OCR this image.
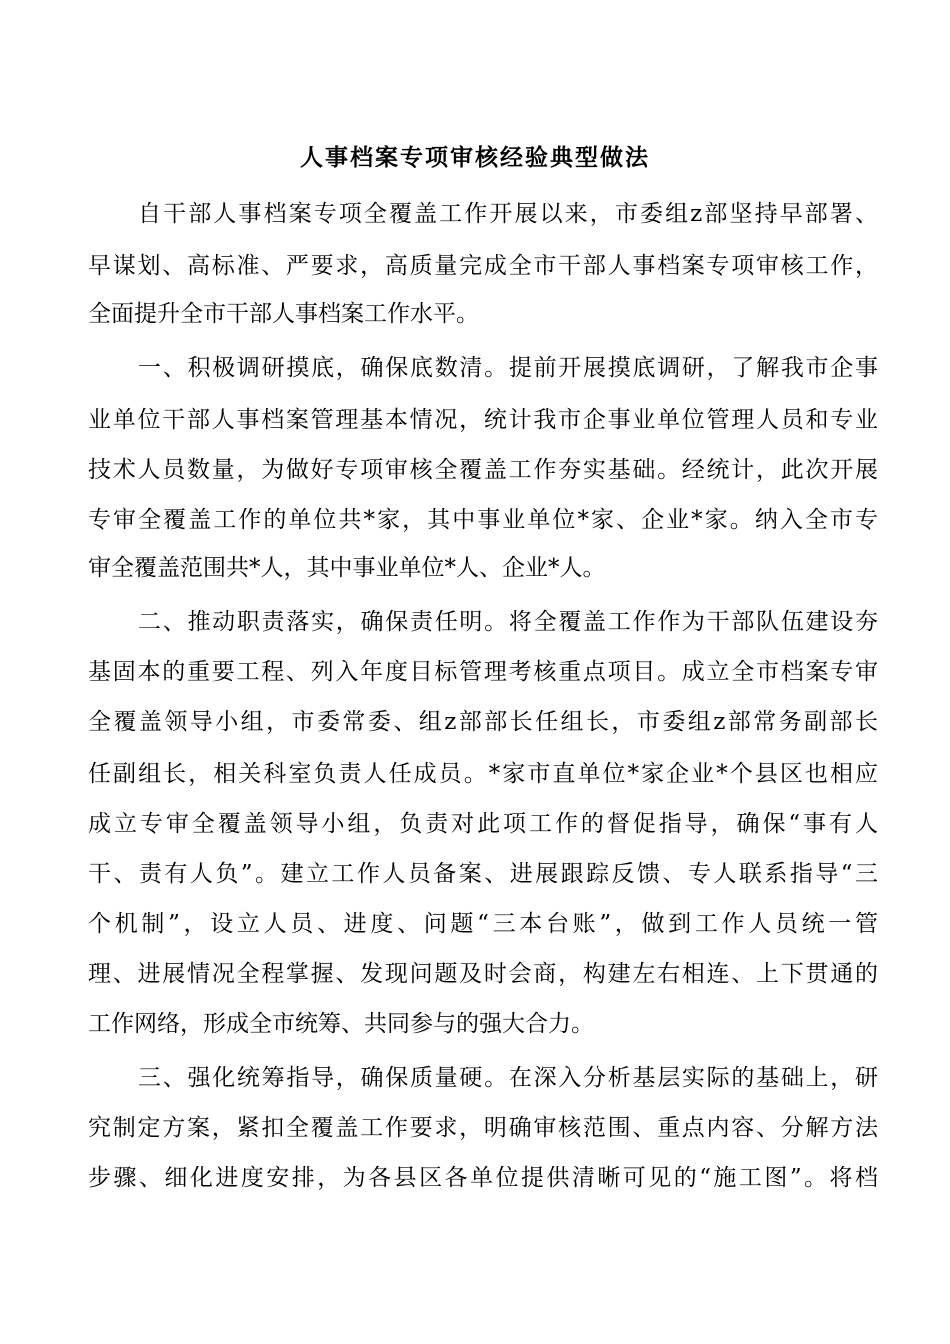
人事档案专项审核经验典型做法
自干部人事档案专项全覆盖工作开展以来，市委组z部坚持早部署、
早谋划、高标准、严要求，高质量完成全市干部人事档案专项审核工作，
全面提升全市干部人事档案工作水平。
一、积极调研摸底，确保底数清。提前开展摸底调研，了解我市企事
业单位干部人事档案管理基本情况，统计我市企事业单位管理人员和专业
技术人员数量，为做好专项审核全覆盖工作夯实基础。经统计，此次开展
专审全覆盖工作的单位共*家，其中事业单位*家、企业*家。纳入全市专
审全覆盖范围共*人，其中事业单位*人、企业*人。
二、推动职责落实，确保责任明。将全覆盖工作作为干部队伍建设夯
基固本的重要工程、列入年度目标管理考核重点项目。成立全市档案专审
全覆盖领导小组，市委常委、组z部部长任组长，市委组z部常务副部长
任副组长，相关科室负责人任成员。*家市直单位*家企业*个县区也相应
成立专审全覆盖领导小组，负责对此项工作的督促指导，确保“事有人
干、责有人负”。建立工作人员备案、进展跟踪反馈、专人联系指导“三
个机制”，设立人员、进度、问题“三本台账”，做到工作人员统一管
理、进展情况全程掌握、发现问题及时会商，构建左右相连、上下贯通的
工作网络，形成全市统筹、共同参与的强大合力。
三、强化统筹指导，确保质量硬。在深入分析基层实际的基础上，研
究制定方案，紧扣全覆盖工作要求，明确审核范围、重点内容、分解方法
步骤、细化进度安排，为各县区各单位提供清晰可见的“施工图”。将档
